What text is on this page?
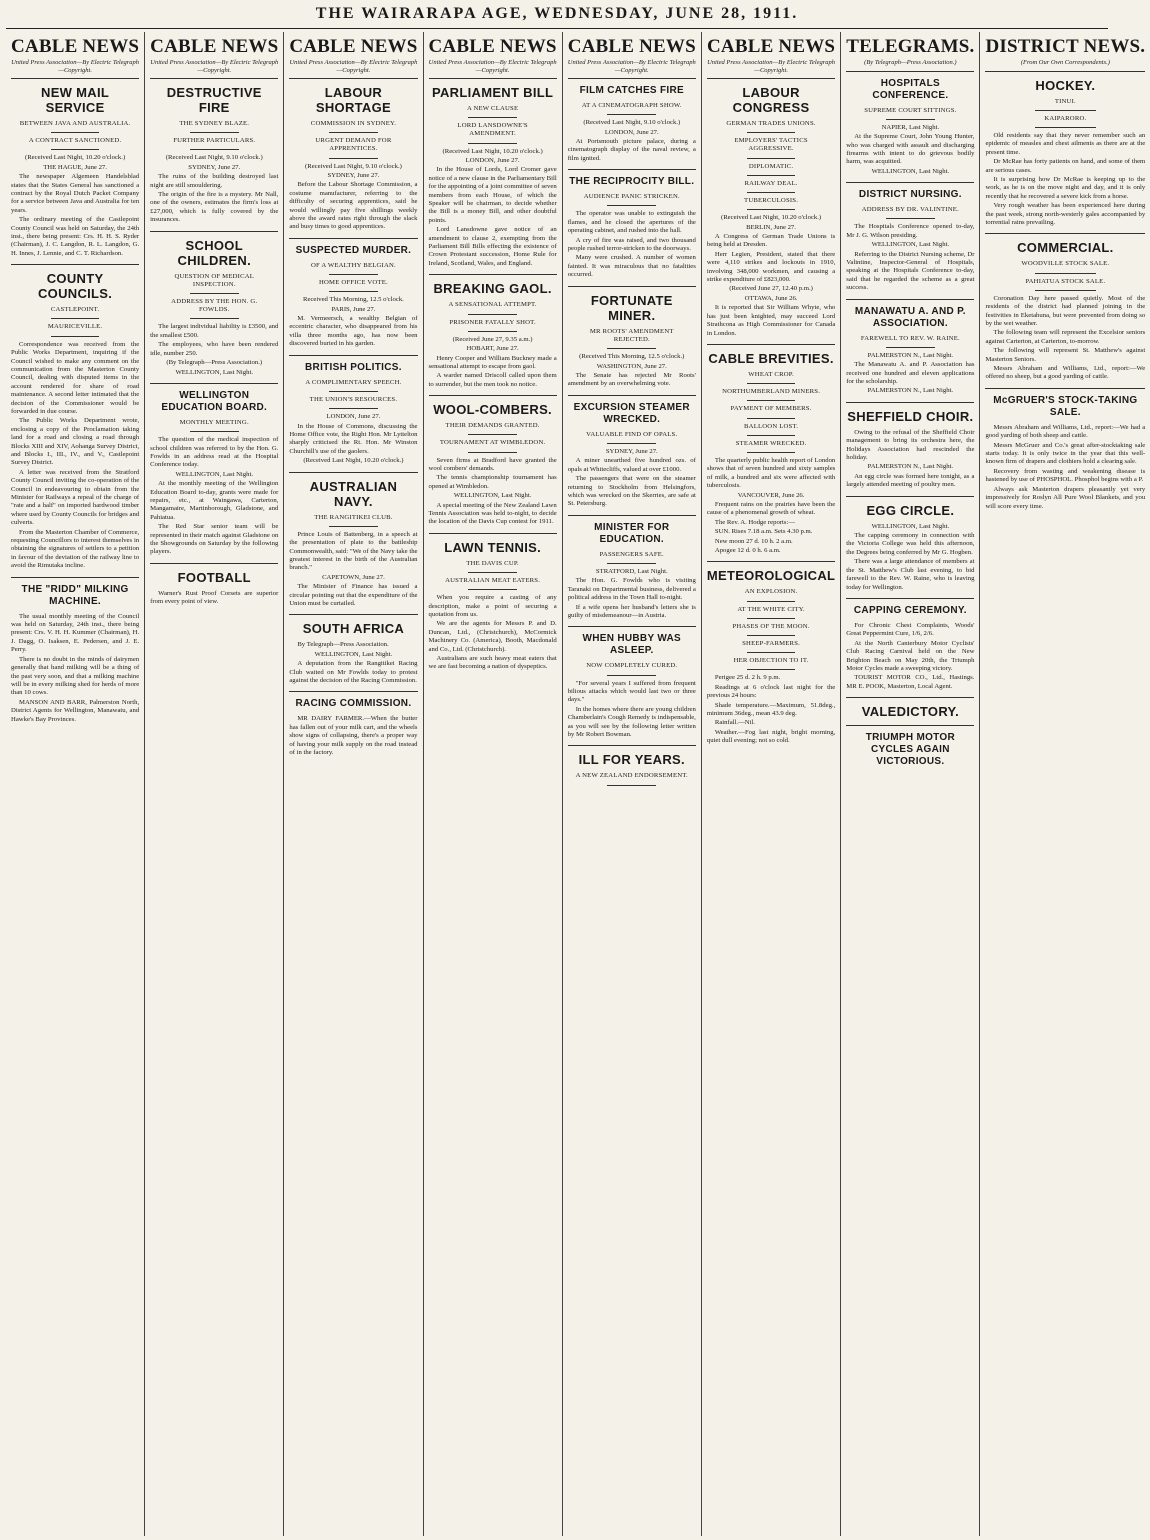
THE WAIRARAPA AGE, WEDNESDAY, JUNE 28, 1911.
CABLE NEWS
United Press Association—By Electric Telegraph—Copyright.
NEW MAIL SERVICE
BETWEEN JAVA AND AUSTRALIA.
A CONTRACT SANCTIONED.

(Received Last Night, 10.20 o'clock.)

THE HAGUE, June 27.

The newspaper Algemeen Handelsblad states that the States General has sanctioned a contract by the Royal Dutch Packet Company for a service between Java and Australia for ten years.

The ordinary meeting of the Castlepoint County Council was held on Saturday, the 24th inst., there being present: Crs. H. H. S. Ryder (Chairman), J. C. Langdon, R. L. Langdon, G. H. Innes, J. Lennie, and C. T. Richardson.

COUNTY COUNCILS.
CASTLEPOINT.
MAURICEVILLE.

Correspondence was received from the Public Works Department, inquiring if the Council wished to make any comment on the communication from the Masterton County Council, dealing with disputed items in the account rendered for share of road maintenance. A second letter intimated that the decision of the Commissioner would be forwarded in due course.

The Public Works Department wrote, enclosing a copy of the Proclamation taking land for a road and closing a road through Blocks XIII and XIV, Aohanga Survey District, and Blocks I., III., IV., and V., Castlepoint Survey District.

A letter was received from the Stratford County Council inviting the co-operation of the Council in endeavouring to obtain from the Minister for Railways a repeal of the charge of "rate and a half" on imported hardwood timber where used by County Councils for bridges and culverts.

From the Masterton Chamber of Commerce, requesting Councillors to interest themselves in obtaining the signatures of settlers to a petition in favour of the deviation of the railway line to avoid the Rimutaka incline.

THE "RIDD" MILKING MACHINE.

The usual monthly meeting of the Council was held on Saturday, 24th inst., there being present: Crs. V. H. H. Kummer (Chairman), H. J. Dagg, O. Isaksen, E. Pedersen, and J. E. Perry.

There is no doubt in the minds of dairymen generally that hand milking will be a thing of the past very soon, and that a milking machine will be in every milking shed for herds of more than 10 cows.

MANSON AND BARR, Palmerston North, District Agents for Wellington, Manawatu, and Hawke's Bay Provinces.

CABLE NEWS
United Press Association—By Electric Telegraph—Copyright.
DESTRUCTIVE FIRE
THE SYDNEY BLAZE.
FURTHER PARTICULARS.

(Received Last Night, 9.10 o'clock.)

SYDNEY, June 27.

The ruins of the building destroyed last night are still smouldering.

The origin of the fire is a mystery. Mr Nall, one of the owners, estimates the firm's loss at £27,000, which is fully covered by the insurances.

SCHOOL CHILDREN.
QUESTION OF MEDICAL INSPECTION.
ADDRESS BY THE HON. G. FOWLDS.

The largest individual liability is £3500, and the smallest £500.

The employees, who have been rendered idle, number 250.

(By Telegraph—Press Association.)

WELLINGTON, Last Night.

WELLINGTON EDUCATION BOARD.
MONTHLY MEETING.

The question of the medical inspection of school children was referred to by the Hon. G. Fowlds in an address read at the Hospital Conference today.

WELLINGTON, Last Night.

At the monthly meeting of the Wellington Education Board to-day, grants were made for repairs, etc., at Waingawa, Carterton, Mangamaire, Martinborough, Gladstone, and Pahiatua.

The Red Star senior team will be represented in their match against Gladstone on the Showgrounds on Saturday by the following players.

FOOTBALL

Warner's Rust Proof Corsets are superior from every point of view.

CABLE NEWS
United Press Association—By Electric Telegraph—Copyright.
LABOUR SHORTAGE
COMMISSION IN SYDNEY.
URGENT DEMAND FOR APPRENTICES.

(Received Last Night, 9.10 o'clock.)

SYDNEY, June 27.

Before the Labour Shortage Commission, a costume manufacturer, referring to the difficulty of securing apprentices, said he would willingly pay five shillings weekly above the award rates right through the slack and busy times to good apprentices.

SUSPECTED MURDER.
OF A WEALTHY BELGIAN.
HOME OFFICE VOTE.

Received This Morning, 12.5 o'clock.

PARIS, June 27.

M. Vermeersch, a wealthy Belgian of eccentric character, who disappeared from his villa three months ago, has now been discovered buried in his garden.

BRITISH POLITICS.
A COMPLIMENTARY SPEECH.
THE UNION'S RESOURCES.

LONDON, June 27.

In the House of Commons, discussing the Home Office vote, the Right Hon. Mr Lyttelton sharply criticised the Rt. Hon. Mr Winston Churchill's use of the gaolers.

(Received Last Night, 10.20 o'clock.)

AUSTRALIAN NAVY.
THE RANGITIKEI CLUB.

Prince Louis of Battenberg, in a speech at the presentation of plate to the battleship Commonwealth, said: "We of the Navy take the greatest interest in the birth of the Australian branch."

CAPETOWN, June 27.

The Minister of Finance has issued a circular pointing out that the expenditure of the Union must be curtailed.

SOUTH AFRICA

By Telegraph—Press Association.

WELLINGTON, Last Night.

A deputation from the Rangitikei Racing Club waited on Mr Fowlds today to protest against the decision of the Racing Commission.

RACING COMMISSION.

MR DAIRY FARMER.—When the butter has fallen out of your milk cart, and the wheels show signs of collapsing, there's a proper way of having your milk supply on the road instead of in the factory.

CABLE NEWS
United Press Association—By Electric Telegraph—Copyright.
PARLIAMENT BILL
A NEW CLAUSE
LORD LANSDOWNE'S AMENDMENT.

(Received Last Night, 10.20 o'clock.)

LONDON, June 27.

In the House of Lords, Lord Cromer gave notice of a new clause in the Parliamentary Bill for the appointing of a joint committee of seven members from each House, of which the Speaker will be chairman, to decide whether the Bill is a money Bill, and other doubtful points.

Lord Lansdowne gave notice of an amendment to clause 2, exempting from the Parliament Bill Bills effecting the existence of Crown Protestant succession, Home Rule for Ireland, Scotland, Wales, and England.

BREAKING GAOL.
A SENSATIONAL ATTEMPT.
PRISONER FATALLY SHOT.

(Received June 27, 9.35 a.m.)

HOBART, June 27.

Henry Cooper and William Buckney made a sensational attempt to escape from gaol.

A warder named Driscoll called upon them to surrender, but the men took no notice.

WOOL-COMBERS.
THEIR DEMANDS GRANTED.
TOURNAMENT AT WIMBLEDON.

Seven firms at Bradford have granted the wool combers' demands.

The tennis championship tournament has opened at Wimbledon.

WELLINGTON, Last Night.

A special meeting of the New Zealand Lawn Tennis Association was held to-night, to decide the location of the Davis Cup contest for 1911.

LAWN TENNIS.
THE DAVIS CUP.
AUSTRALIAN MEAT EATERS.

When you require a casting of any description, make a point of securing a quotation from us.

We are the agents for Messrs P. and D. Duncan, Ltd., (Christchurch), McCormick Machinery Co. (America), Booth, Macdonald and Co., Ltd. (Christchurch).

Australians are such heavy meat eaters that we are fast becoming a nation of dyspeptics.

CABLE NEWS
United Press Association—By Electric Telegraph—Copyright.
FILM CATCHES FIRE
AT A CINEMATOGRAPH SHOW.

(Received Last Night, 9.10 o'clock.)

LONDON, June 27.

At Portsmouth picture palace, during a cinematograph display of the naval review, a film ignited.

THE RECIPROCITY BILL.
AUDIENCE PANIC STRICKEN.

The operator was unable to extinguish the flames, and he closed the apertures of the operating cabinet, and rushed into the hall.

A cry of fire was raised, and two thousand people rushed terror-stricken to the doorways.

Many were crushed. A number of women fainted. It was miraculous that no fatalities occurred.

FORTUNATE MINER.
MR ROOTS' AMENDMENT REJECTED.

(Received This Morning, 12.5 o'clock.)

WASHINGTON, June 27.

The Senate has rejected Mr Roots' amendment by an overwhelming vote.

EXCURSION STEAMER WRECKED.
VALUABLE FIND OF OPALS.

SYDNEY, June 27.

A miner unearthed five hundred ozs. of opals at Whitecliffs, valued at over £1000.

The passengers that were on the steamer returning to Stockholm from Helsingfors, which was wrecked on the Skerries, are safe at St. Petersburg.

MINISTER FOR EDUCATION.
PASSENGERS SAFE.

STRATFORD, Last Night.

The Hon. G. Fowlds who is visiting Taranaki on Departmental business, delivered a political address in the Town Hall to-night.

If a wife opens her husband's letters she is guilty of misdemeanour—in Austria.

WHEN HUBBY WAS ASLEEP.
NOW COMPLETELY CURED.

"For several years I suffered from frequent bilious attacks which would last two or three days."

In the homes where there are young children Chamberlain's Cough Remedy is indispensable, as you will see by the following letter written by Mr Robert Bowman.

ILL FOR YEARS.
A NEW ZEALAND ENDORSEMENT.
CABLE NEWS
United Press Association—By Electric Telegraph—Copyright.
LABOUR CONGRESS
GERMAN TRADES UNIONS.
EMPLOYERS' TACTICS AGGRESSIVE.
DIPLOMATIC.
RAILWAY DEAL.
TUBERCULOSIS.

(Received Last Night, 10.20 o'clock.)

BERLIN, June 27.

A Congress of German Trade Unions is being held at Dresden.

Herr Legien, President, stated that there were 4,110 strikes and lockouts in 1910, involving 348,000 workmen, and causing a strike expenditure of £823,000.

(Received June 27, 12.40 p.m.)

OTTAWA, June 26.

It is reported that Sir William Whyte, who has just been knighted, may succeed Lord Strathcona as High Commissioner for Canada in London.

CABLE BREVITIES.
WHEAT CROP.
NORTHUMBERLAND MINERS.
PAYMENT OF MEMBERS.
BALLOON LOST.
STEAMER WRECKED.

The quarterly public health report of London shows that of seven hundred and sixty samples of milk, a hundred and six were affected with tuberculosis.

VANCOUVER, June 26.

Frequent rains on the prairies have been the cause of a phenomenal growth of wheat.

The Rev. A. Hodge reports:—

SUN. Rises 7.18 a.m. Sets 4.30 p.m.

New moon 27 d. 10 h. 2 a.m.

Apogee 12 d. 0 h. 6 a.m.

METEOROLOGICAL
AN EXPLOSION.
AT THE WHITE CITY.
PHASES OF THE MOON.
SHEEP-FARMERS.
HER OBJECTION TO IT.

Perigee 25 d. 2 h. 9 p.m.

Readings at 6 o'clock last night for the previous 24 hours:

Shade temperature.—Maximum, 51.8deg., minimum 36deg., mean 43.9 deg.

Rainfall.—Nil.

Weather.—Fog last night, bright morning, quiet dull evening; not so cold.

TELEGRAMS.
(By Telegraph—Press Association.)
HOSPITALS CONFERENCE.
SUPREME COURT SITTINGS.

NAPIER, Last Night.

At the Supreme Court, John Young Hunter, who was charged with assault and discharging firearms with intent to do grievous bodily harm, was acquitted.

WELLINGTON, Last Night.

DISTRICT NURSING.
ADDRESS BY DR. VALINTINE.

The Hospitals Conference opened to-day, Mr J. G. Wilson presiding.

WELLINGTON, Last Night.

Referring to the District Nursing scheme, Dr Valintine, Inspector-General of Hospitals, speaking at the Hospitals Conference to-day, said that he regarded the scheme as a great success.

MANAWATU A. AND P. ASSOCIATION.
FAREWELL TO REV. W. RAINE.

PALMERSTON N., Last Night.

The Manawatu A. and P. Association has received one hundred and eleven applications for the scholarship.

PALMERSTON N., Last Night.

SHEFFIELD CHOIR.

Owing to the refusal of the Sheffield Choir management to bring its orchestra here, the Holidays Association had rescinded the holiday.

PALMERSTON N., Last Night.

An egg circle was formed here tonight, as a largely attended meeting of poultry men.

EGG CIRCLE.

WELLINGTON, Last Night.

The capping ceremony in connection with the Victoria College was held this afternoon, the Degrees being conferred by Mr G. Hogben.

There was a large attendance of members at the St. Matthew's Club last evening, to bid farewell to the Rev. W. Raine, who is leaving today for Wellington.

CAPPING CEREMONY.

For Chronic Chest Complaints, Woods' Great Peppermint Cure, 1/6, 2/6.

At the North Canterbury Motor Cyclists' Club Racing Carnival held on the New Brighton Beach on May 20th, the Triumph Motor Cycles made a sweeping victory.

TOURIST MOTOR CO., Ltd., Hastings. MR E. POOK, Masterton, Local Agent.

VALEDICTORY.
TRIUMPH MOTOR CYCLES AGAIN VICTORIOUS.
DISTRICT NEWS.
(From Our Own Correspondents.)
HOCKEY.
TINUI.
KAIPARORO.

Old residents say that they never remember such an epidemic of measles and chest ailments as there are at the present time.

Dr McRae has forty patients on hand, and some of them are serious cases.

It is surprising how Dr McRae is keeping up to the work, as he is on the move night and day, and it is only recently that he recovered a severe kick from a horse.

Very rough weather has been experienced here during the past week, strong north-westerly gales accompanied by torrential rains prevailing.

COMMERCIAL.
WOODVILLE STOCK SALE.
PAHIATUA STOCK SALE.

Coronation Day here passed quietly. Most of the residents of the district had planned joining in the festivities in Eketahuna, but were prevented from doing so by the wet weather.

The following team will represent the Excelsior seniors against Carterton, at Carterton, to-morrow.

The following will represent St. Matthew's against Masterton Seniors.

Messrs Abraham and Williams, Ltd., report:—We offered no sheep, but a good yarding of cattle.

McGRUER'S STOCK-TAKING SALE.

Messrs Abraham and Williams, Ltd., report:—We had a good yarding of both sheep and cattle.

Messrs McGruer and Co.'s great after-stocktaking sale starts today. It is only twice in the year that this well-known firm of drapers and clothiers hold a clearing sale.

Recovery from wasting and weakening disease is hastened by use of PHOSPHOL. Phosphol begins with a P.

Always ask Masterton drapers pleasantly yet very impressively for Roslyn All Pure Wool Blankets, and you will score every time.
